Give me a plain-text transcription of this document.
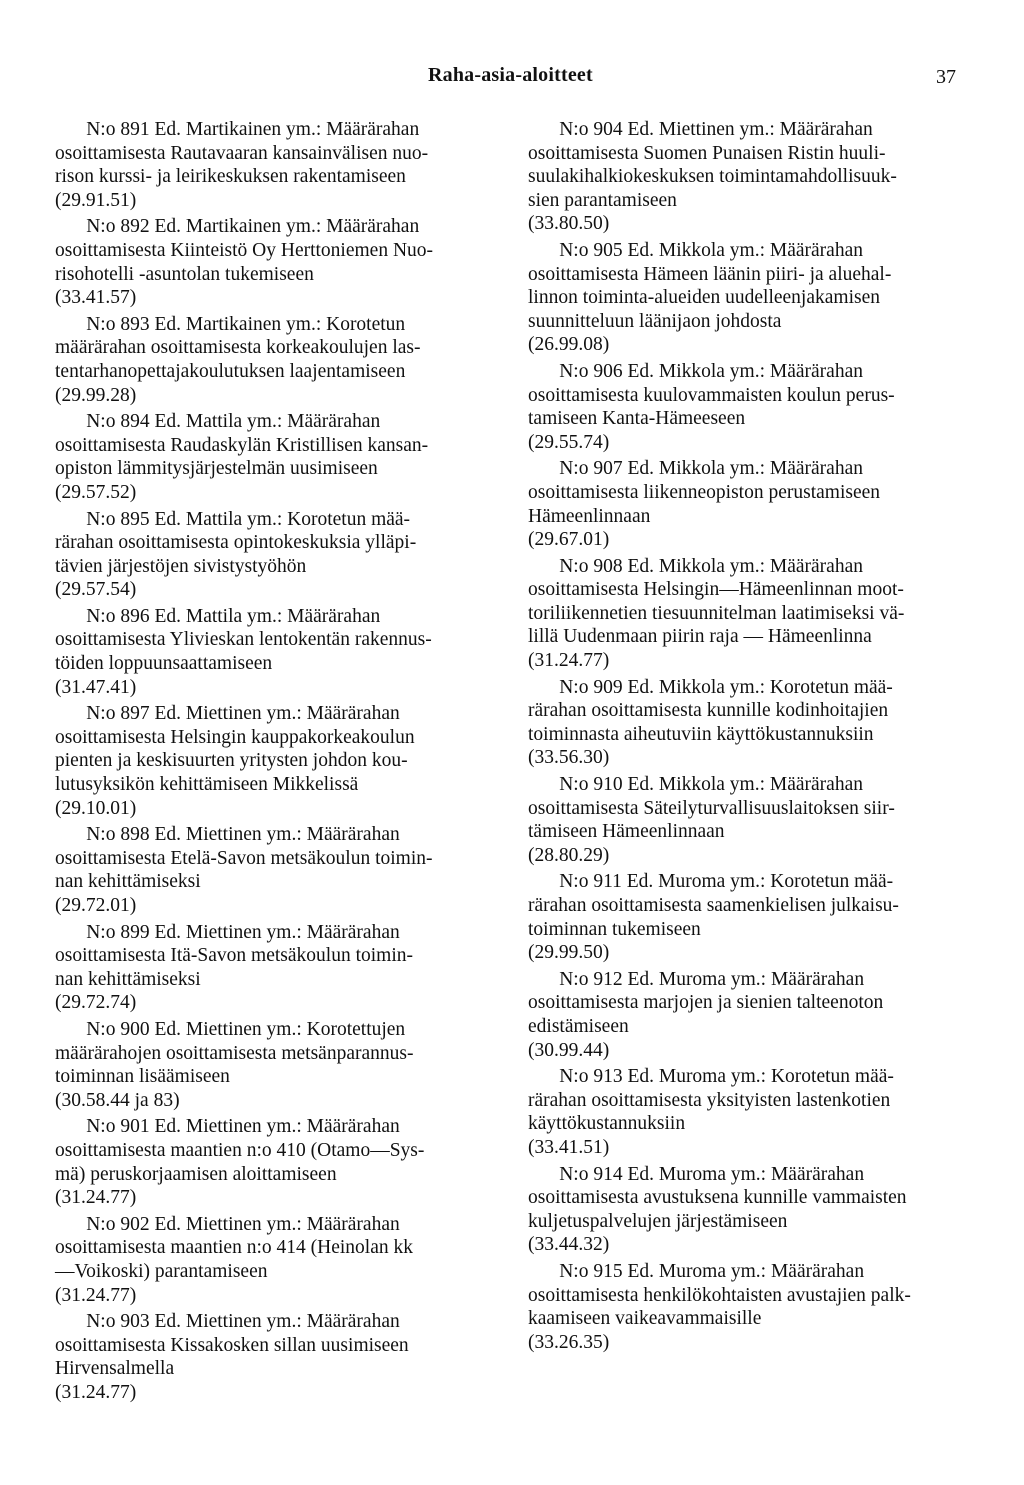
Raha-asia-aloitteet	37

N:o 891 Ed. Martikainen ym.: Määrärahan

osoittamisesta Rautavaaran kansainvälisen nuo-

rison kurssi- ja leirikeskuksen rakentamiseen

(29.91.51)

N:o 892 Ed. Martikainen ym.: Määrärahan

osoittamisesta Kiinteistö Oy Herttoniemen Nuo-

risohotelli -asuntolan tukemiseen

(33.41.57)

N:o 893 Ed. Martikainen ym.: Korotetun

määrärahan osoittamisesta korkeakoulujen las-

tentarhanopettajakoulutuksen laajentamiseen

(29.99.28)

N:o 894 Ed. Mattila ym.: Määrärahan

osoittamisesta Raudaskylän Kristillisen kansan-

opiston lämmitysjärjestelmän uusimiseen

(29.57.52)

N:o 895 Ed. Mattila ym.: Korotetun mää-

rärahan osoittamisesta opintokeskuksia ylläpi-

tävien järjestöjen sivistystyöhön

(29.57.54)

N:o 896 Ed. Mattila ym.: Määrärahan

osoittamisesta Ylivieskan lentokentän rakennus-

töiden loppuunsaattamiseen

(31.47.41)

N:o 897 Ed. Miettinen ym.: Määrärahan

osoittamisesta Helsingin kauppakorkeakoulun

pienten ja keskisuurten yritysten johdon kou-

lutusyksikön kehittämiseen Mikkelissä

(29.10.01)

N:o 898 Ed. Miettinen ym.: Määrärahan

osoittamisesta Etelä-Savon metsäkoulun toimin-

nan kehittämiseksi

(29.72.01)

N:o 899 Ed. Miettinen ym.: Määrärahan

osoittamisesta Itä-Savon metsäkoulun toimin-

nan kehittämiseksi

(29.72.74)

N:o 900 Ed. Miettinen ym.: Korotettujen

määrärahojen osoittamisesta metsänparannus-

toiminnan lisäämiseen

(30.58.44 ja 83)

N:o 901 Ed. Miettinen ym.: Määrärahan

osoittamisesta maantien n:o 410 (Otamo—Sys-

mä) peruskorjaamisen aloittamiseen

(31.24.77)

N:o 902 Ed. Miettinen ym.: Määrärahan

osoittamisesta maantien n:o 414 (Heinolan kk

—Voikoski) parantamiseen

(31.24.77)

N:o 903 Ed. Miettinen ym.: Määrärahan

osoittamisesta Kissakosken sillan uusimiseen

Hirvensalmella

(31.24.77)

N:o 904 Ed. Miettinen ym.: Määrärahan

osoittamisesta Suomen Punaisen Ristin huuli-

suulakihalkiokeskuksen toimintamahdollisuuk-

sien parantamiseen

(33.80.50)

N:o 905 Ed. Mikkola ym.: Määrärahan

osoittamisesta Hämeen läänin piiri- ja aluehal-

linnon toiminta-alueiden uudelleenjakamisen

suunnitteluun läänijaon johdosta

(26.99.08)

N:o 906 Ed. Mikkola ym.: Määrärahan

osoittamisesta kuulovammaisten koulun perus-

tamiseen Kanta-Hämeeseen

(29.55.74)

N:o 907 Ed. Mikkola ym.: Määrärahan

osoittamisesta liikenneopiston perustamiseen

Hämeenlinnaan

(29.67.01)

N:o 908 Ed. Mikkola ym.: Määrärahan

osoittamisesta Helsingin—Hämeenlinnan moot-

toriliikennetien tiesuunnitelman laatimiseksi vä-

lillä Uudenmaan piirin raja — Hämeenlinna

(31.24.77)

N:o 909 Ed. Mikkola ym.: Korotetun mää-

rärahan osoittamisesta kunnille kodinhoitajien

toiminnasta aiheutuviin käyttökustannuksiin

(33.56.30)

N:o 910 Ed. Mikkola ym.: Määrärahan

osoittamisesta Säteilyturvallisuuslaitoksen siir-

tämiseen Hämeenlinnaan

(28.80.29)

N:o 911 Ed. Muroma ym.: Korotetun mää-

rärahan osoittamisesta saamenkielisen julkaisu-

toiminnan tukemiseen

(29.99.50)

N:o 912 Ed. Muroma ym.: Määrärahan

osoittamisesta marjojen ja sienien talteenoton

edistämiseen

(30.99.44)

N:o 913 Ed. Muroma ym.: Korotetun mää-

rärahan osoittamisesta yksityisten lastenkotien

käyttökustannuksiin

(33.41.51)

N:o 914 Ed. Muroma ym.: Määrärahan

osoittamisesta avustuksena kunnille vammaisten

kuljetuspalvelujen järjestämiseen

(33.44.32)

N:o 915 Ed. Muroma ym.: Määrärahan

osoittamisesta henkilökohtaisten avustajien palk-

kaamiseen vaikeavammaisille

(33.26.35)
